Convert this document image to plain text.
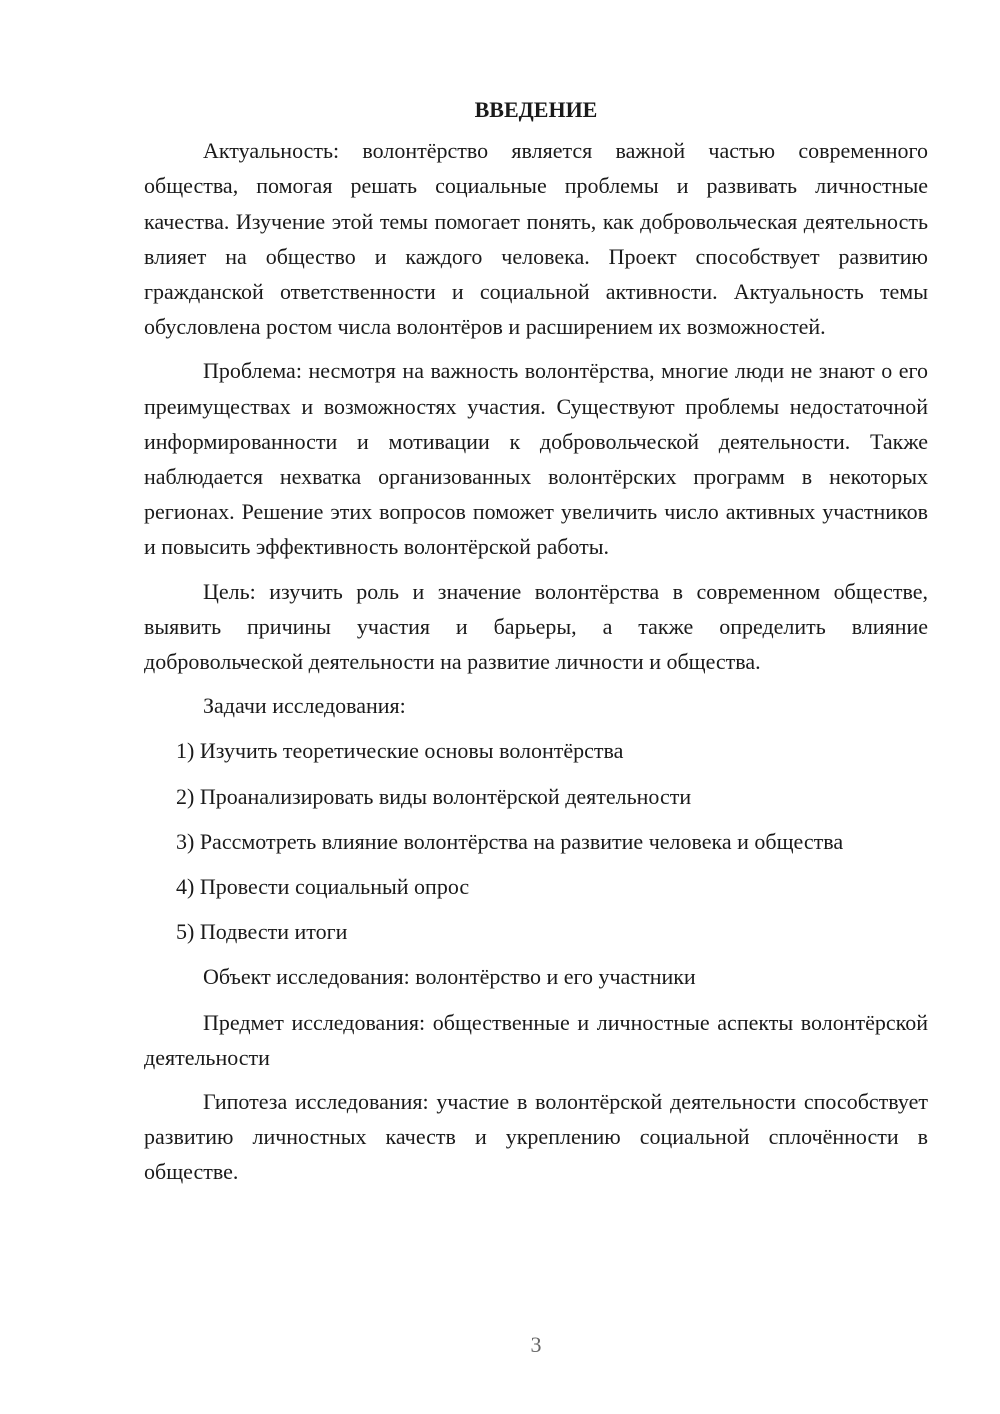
ВВЕДЕНИЕ

Актуальность: волонтёрство является важной частью современного общества, помогая решать социальные проблемы и развивать личностные качества. Изучение этой темы помогает понять, как добровольческая деятельность влияет на общество и каждого человека. Проект способствует развитию гражданской ответственности и социальной активности. Актуальность темы обусловлена ростом числа волонтёров и расширением их возможностей.

Проблема: несмотря на важность волонтёрства, многие люди не знают о его преимуществах и возможностях участия. Существуют проблемы недостаточной информированности и мотивации к добровольческой деятельности. Также наблюдается нехватка организованных волонтёрских программ в некоторых регионах. Решение этих вопросов поможет увеличить число активных участников и повысить эффективность волонтёрской работы.

Цель: изучить роль и значение волонтёрства в современном обществе, выявить причины участия и барьеры, а также определить влияние добровольческой деятельности на развитие личности и общества.

Задачи исследования:
1) Изучить теоретические основы волонтёрства
2) Проанализировать виды волонтёрской деятельности
3) Рассмотреть влияние волонтёрства на развитие человека и общества
4) Провести социальный опрос
5) Подвести итоги
Объект исследования: волонтёрство и его участники

Предмет исследования: общественные и личностные аспекты волонтёрской деятельности

Гипотеза исследования: участие в волонтёрской деятельности способствует развитию личностных качеств и укреплению социальной сплочённости в обществе.

3
